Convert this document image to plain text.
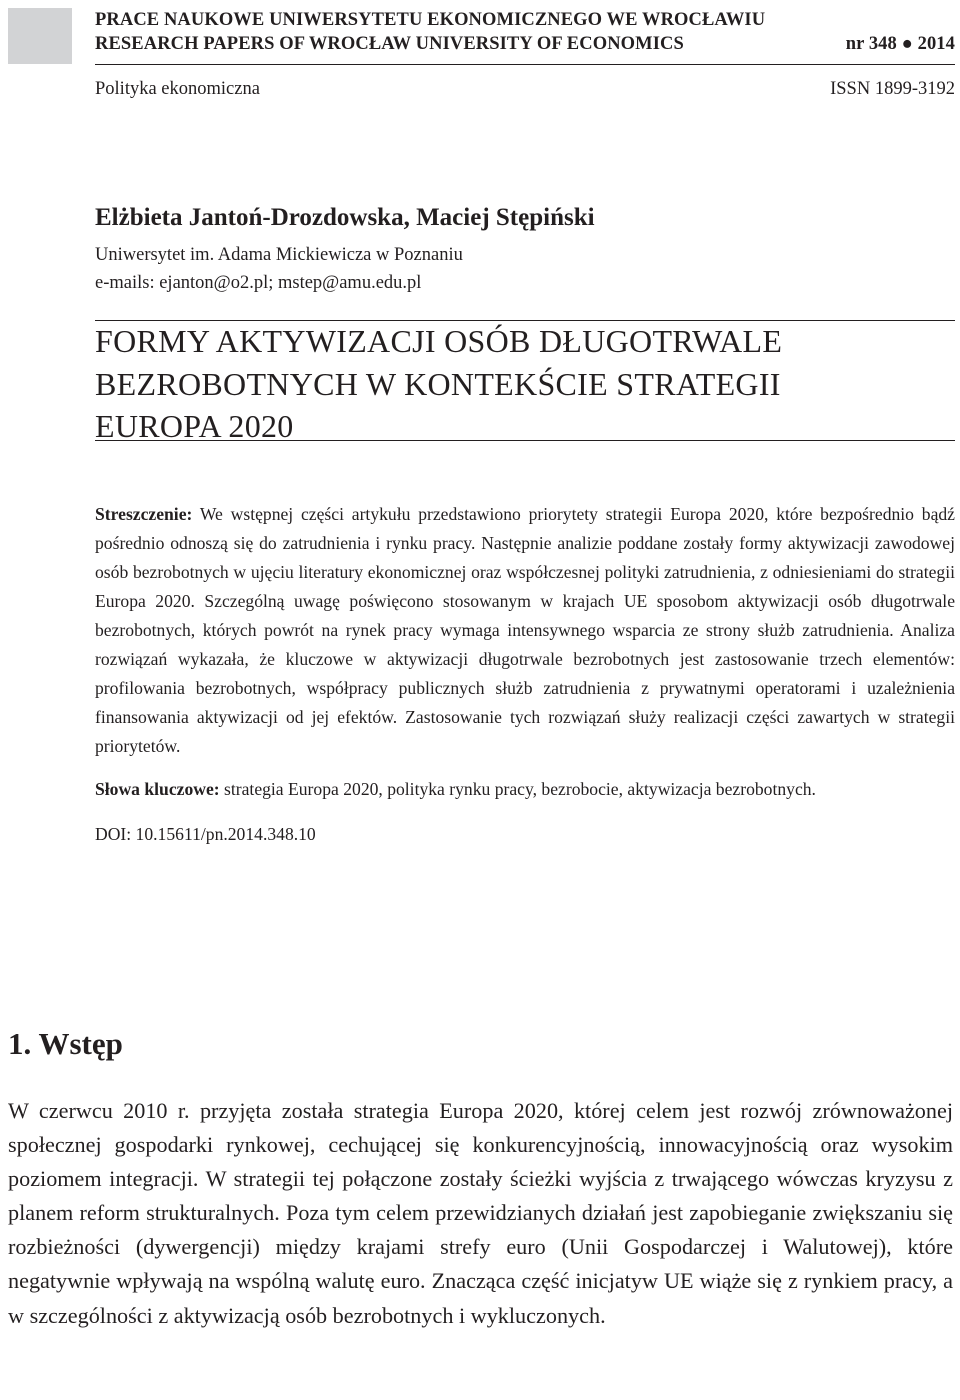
PRACE NAUKOWE UNIWERSYTETU EKONOMICZNEGO WE WROCŁAWIU
RESEARCH PAPERS OF WROCŁAW UNIVERSITY OF ECONOMICS	nr 348 ● 2014
Polityka ekonomiczna	ISSN 1899-3192
Elżbieta Jantoń-Drozdowska, Maciej Stępiński
Uniwersytet im. Adama Mickiewicza w Poznaniu
e-mails: ejanton@o2.pl; mstep@amu.edu.pl
FORMY AKTYWIZACJI OSÓB DŁUGOTRWALE
BEZROBOTNYCH W KONTEKŚCIE STRATEGII
EUROPA 2020

Streszczenie: We wstępnej części artykułu przedstawiono priorytety strategii Europa 2020, które bezpośrednio bądź pośrednio odnoszą się do zatrudnienia i rynku pracy. Następnie analizie poddane zostały formy aktywizacji zawodowej osób bezrobotnych w ujęciu literatury ekonomicznej oraz współczesnej polityki zatrudnienia, z odniesieniami do strategii Europa 2020. Szczególną uwagę poświęcono stosowanym w krajach UE sposobom aktywizacji osób długotrwale bezrobotnych, których powrót na rynek pracy wymaga intensywnego wsparcia ze strony służb zatrudnienia. Analiza rozwiązań wykazała, że kluczowe w aktywizacji długotrwale bezrobotnych jest zastosowanie trzech elementów: profilowania bezrobotnych, współpracy publicznych służb zatrudnienia z prywatnymi operatorami i uzależnienia finansowania aktywizacji od jej efektów. Zastosowanie tych rozwiązań służy realizacji części zawartych w strategii priorytetów.

Słowa kluczowe: strategia Europa 2020, polityka rynku pracy, bezrobocie, aktywizacja bezrobotnych.

DOI: 10.15611/pn.2014.348.10

1. Wstęp

W czerwcu 2010 r. przyjęta została strategia Europa 2020, której celem jest rozwój zrównoważonej społecznej gospodarki rynkowej, cechującej się konkurencyjnością, innowacyjnością oraz wysokim poziomem integracji. W strategii tej połączone zostały ścieżki wyjścia z trwającego wówczas kryzysu z planem reform strukturalnych. Poza tym celem przewidzianych działań jest zapobieganie zwiększaniu się rozbieżności (dywergencji) między krajami strefy euro (Unii Gospodarczej i Walutowej), które negatywnie wpływają na wspólną walutę euro. Znacząca część inicjatyw UE wiąże się z rynkiem pracy, a w szczególności z aktywizacją osób bezrobotnych i wykluczonych.
